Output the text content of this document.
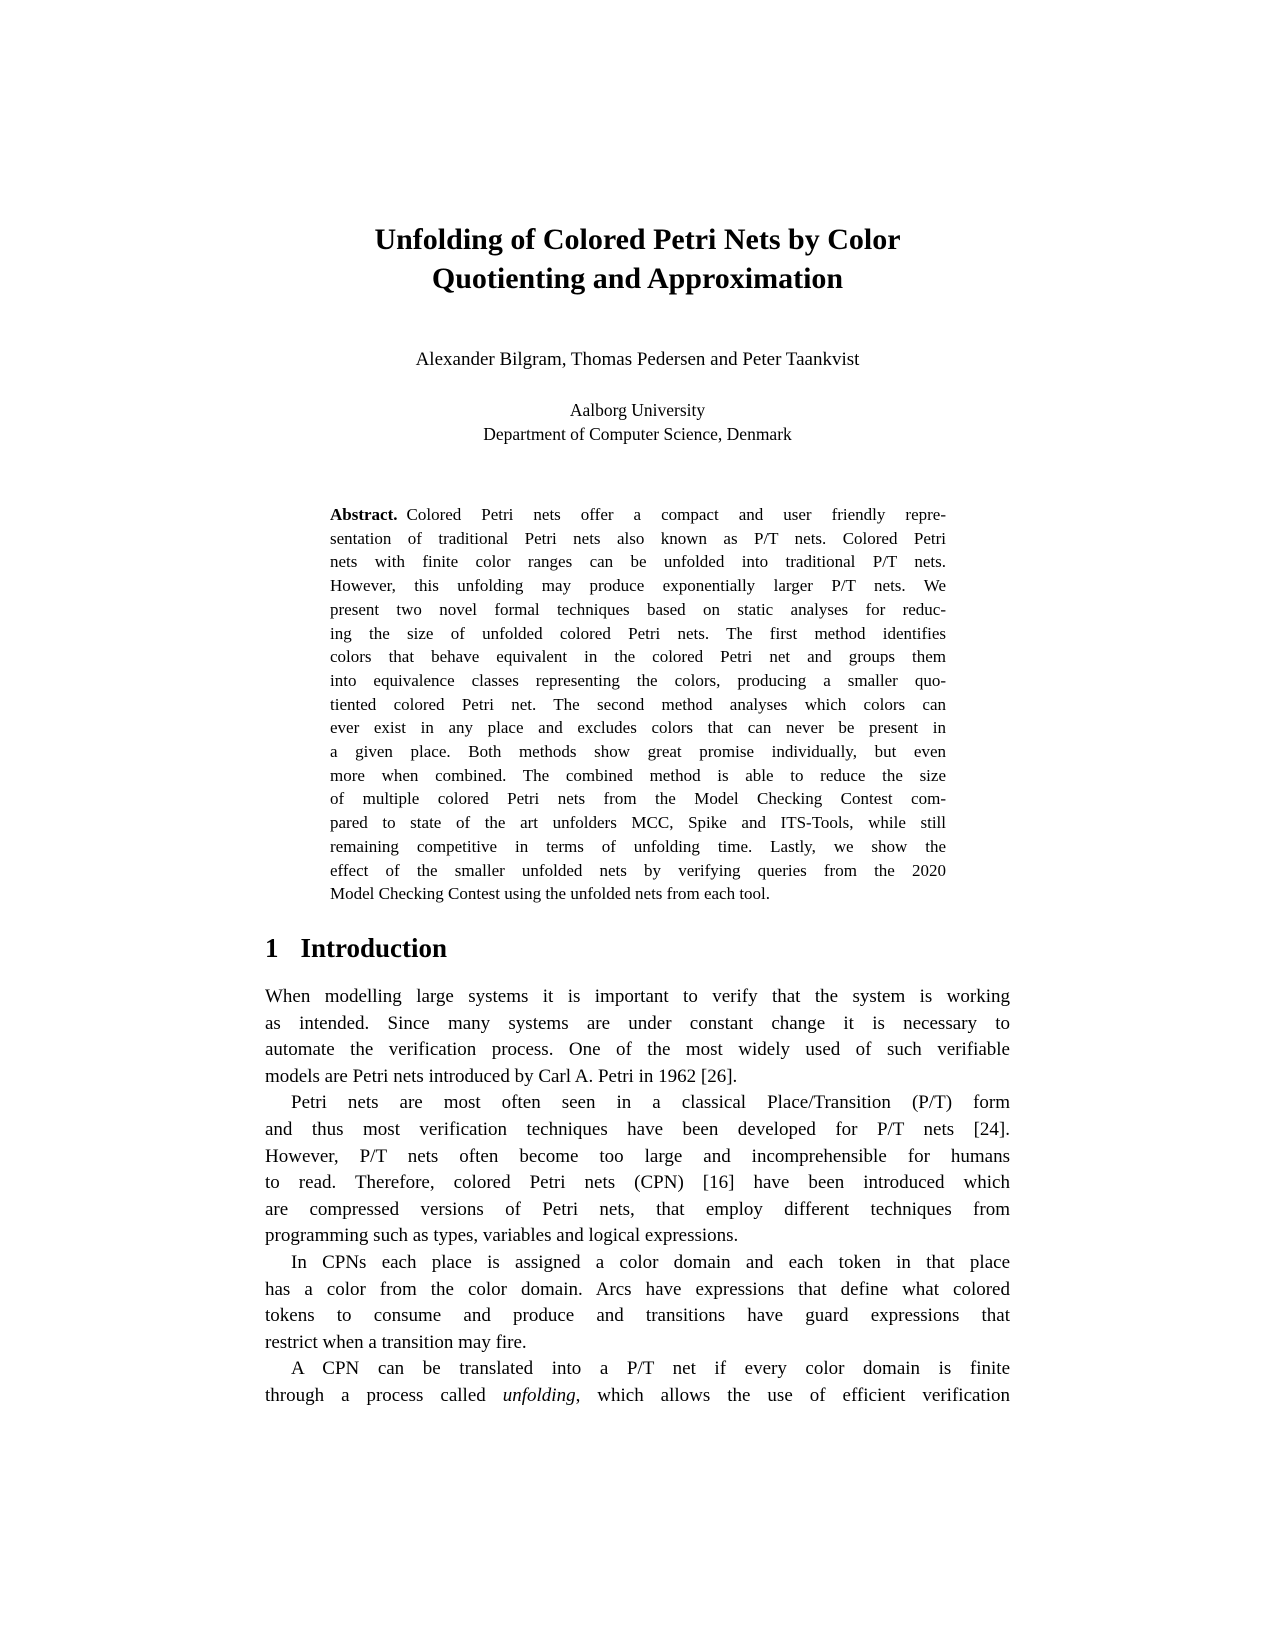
Unfolding of Colored Petri Nets by Color
Quotienting and Approximation
Alexander Bilgram, Thomas Pedersen and Peter Taankvist
Aalborg University
Department of Computer Science, Denmark
Abstract. Colored Petri nets offer a compact and user friendly repre-
sentation of traditional Petri nets also known as P/T nets. Colored Petri
nets with finite color ranges can be unfolded into traditional P/T nets.
However, this unfolding may produce exponentially larger P/T nets. We
present two novel formal techniques based on static analyses for reduc-
ing the size of unfolded colored Petri nets. The first method identifies
colors that behave equivalent in the colored Petri net and groups them
into equivalence classes representing the colors, producing a smaller quo-
tiented colored Petri net. The second method analyses which colors can
ever exist in any place and excludes colors that can never be present in
a given place. Both methods show great promise individually, but even
more when combined. The combined method is able to reduce the size
of multiple colored Petri nets from the Model Checking Contest com-
pared to state of the art unfolders MCC, Spike and ITS-Tools, while still
remaining competitive in terms of unfolding time. Lastly, we show the
effect of the smaller unfolded nets by verifying queries from the 2020
Model Checking Contest using the unfolded nets from each tool.
1 Introduction
When modelling large systems it is important to verify that the system is working
as intended. Since many systems are under constant change it is necessary to
automate the verification process. One of the most widely used of such verifiable
models are Petri nets introduced by Carl A. Petri in 1962 [26].
Petri nets are most often seen in a classical Place/Transition (P/T) form
and thus most verification techniques have been developed for P/T nets [24].
However, P/T nets often become too large and incomprehensible for humans
to read. Therefore, colored Petri nets (CPN) [16] have been introduced which
are compressed versions of Petri nets, that employ different techniques from
programming such as types, variables and logical expressions.
In CPNs each place is assigned a color domain and each token in that place
has a color from the color domain. Arcs have expressions that define what colored
tokens to consume and produce and transitions have guard expressions that
restrict when a transition may fire.
A CPN can be translated into a P/T net if every color domain is finite
through a process called unfolding, which allows the use of efficient verification
